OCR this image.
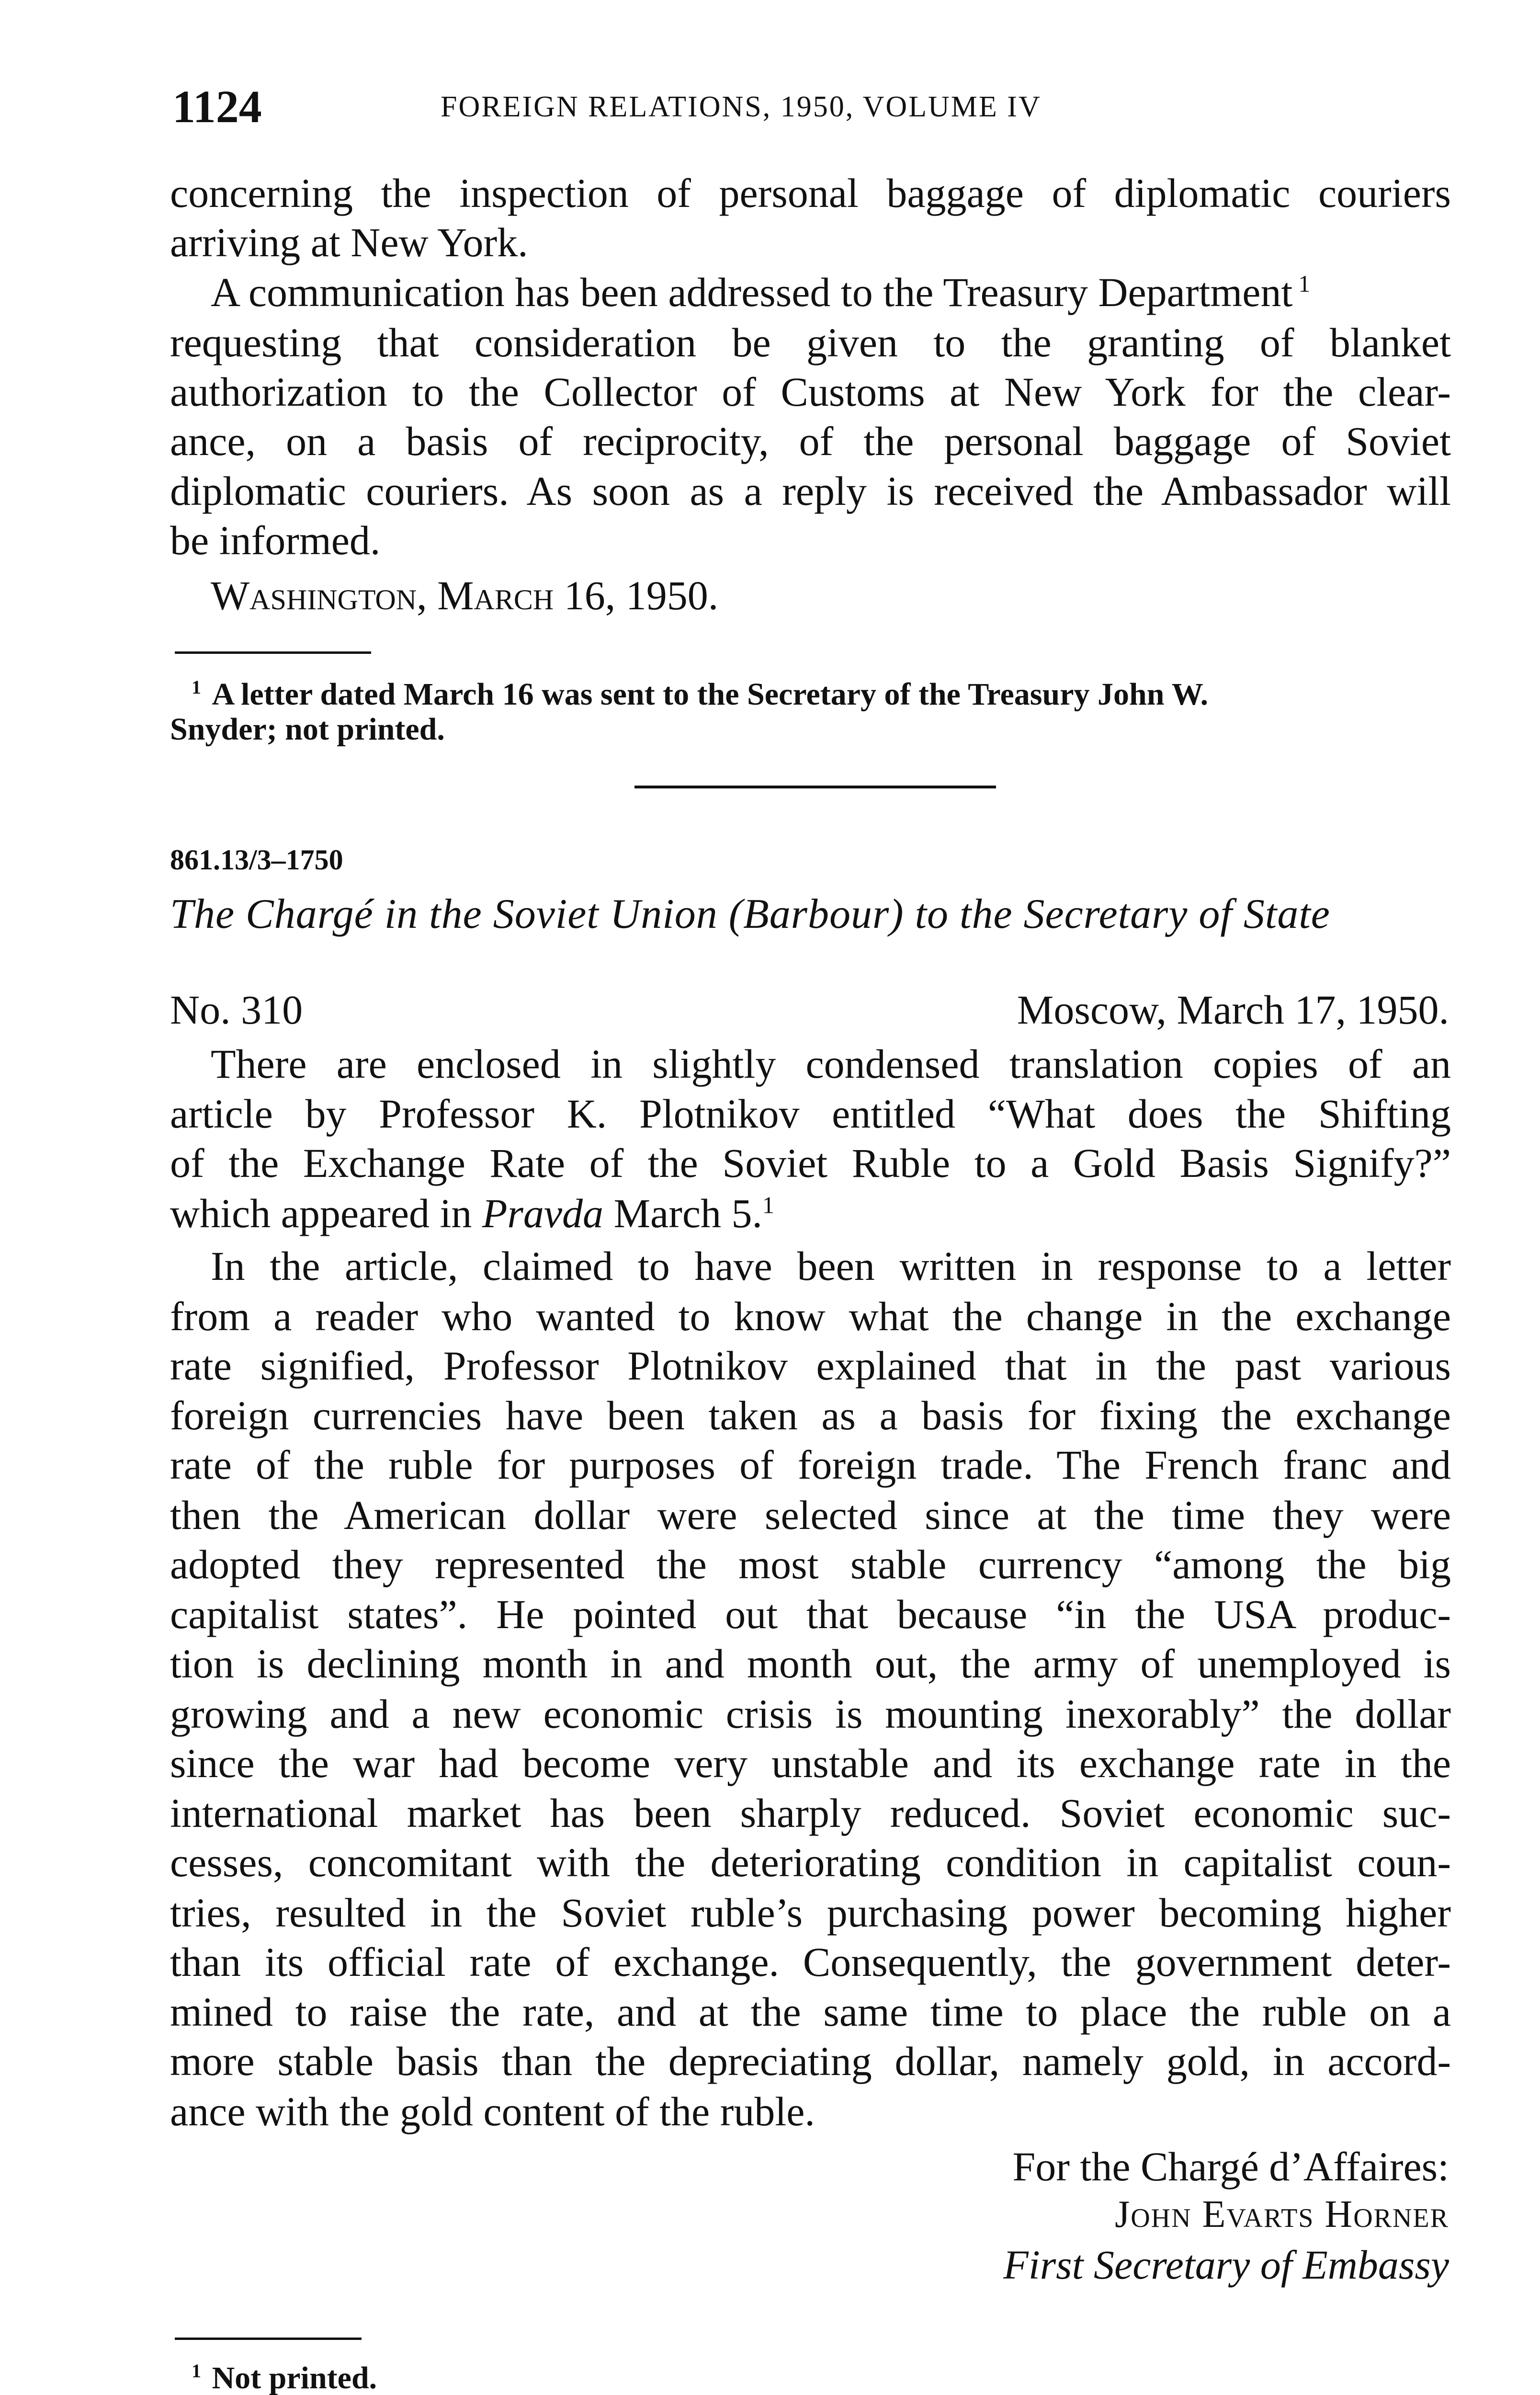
1124	FOREIGN RELATIONS, 1950, VOLUME IV
concerning the inspection of personal baggage of diplomatic couriers
arriving at New York.
A communication has been addressed to the Treasury Department $^1$
requesting that consideration be given to the granting of blanket
authorization to the Collector of Customs at New York for the clear-
ance, on a basis of reciprocity, of the personal baggage of Soviet
diplomatic couriers. As soon as a reply is received the Ambassador will
be informed.
Washington, March 16, 1950.
$^1$ A letter dated March 16 was sent to the Secretary of the Treasury John W.
Snyder; not printed.
861.13/3–1750
The Chargé in the Soviet Union (Barbour) to the Secretary of State
No. 310	Moscow, March 17, 1950.
There are enclosed in slightly condensed translation copies of an
article by Professor K. Plotnikov entitled “What does the Shifting
of the Exchange Rate of the Soviet Ruble to a Gold Basis Signify?”
which appeared in Pravda March 5.$^1$
In the article, claimed to have been written in response to a letter
from a reader who wanted to know what the change in the exchange
rate signified, Professor Plotnikov explained that in the past various
foreign currencies have been taken as a basis for fixing the exchange
rate of the ruble for purposes of foreign trade. The French franc and
then the American dollar were selected since at the time they were
adopted they represented the most stable currency “among the big
capitalist states”. He pointed out that because “in the USA produc-
tion is declining month in and month out, the army of unemployed is
growing and a new economic crisis is mounting inexorably” the dollar
since the war had become very unstable and its exchange rate in the
international market has been sharply reduced. Soviet economic suc-
cesses, concomitant with the deteriorating condition in capitalist coun-
tries, resulted in the Soviet ruble’s purchasing power becoming higher
than its official rate of exchange. Consequently, the government deter-
mined to raise the rate, and at the same time to place the ruble on a
more stable basis than the depreciating dollar, namely gold, in accord-
ance with the gold content of the ruble.
For the Chargé d’Affaires:
John Evarts Horner
First Secretary of Embassy
$^1$ Not printed.
